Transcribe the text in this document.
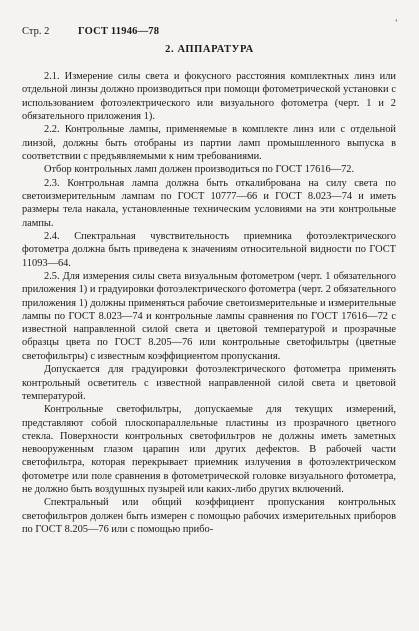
Стр. 2	ГОСТ 11946—78
'
2. АППАРАТУРА

2.1. Измерение силы света и фокусного расстояния комплектных линз или отдельной линзы должно производиться при помощи фотометрической установки с использованием фотоэлектрического или визуального фотометра (черт. 1 и 2 обязательного приложения 1).

2.2. Контрольные лампы, применяемые в комплекте линз или с отдельной линзой, должны быть отобраны из партии ламп промышленного выпуска в соответствии с предъявляемыми к ним требованиями.

Отбор контрольных ламп должен производиться по ГОСТ 17616—72.

2.3. Контрольная лампа должна быть откалибрована на силу света по светоизмерительным лампам по ГОСТ 10777—66 и ГОСТ 8.023—74 и иметь размеры тела накала, установленные техническим условиями на эти контрольные лампы.

2.4. Спектральная чувствительность приемника фотоэлектрического фотометра должна быть приведена к значениям относительной видности по ГОСТ 11093—64.

2.5. Для измерения силы света визуальным фотометром (черт. 1 обязательного приложения 1) и градуировки фотоэлектрического фотометра (черт. 2 обязательного приложения 1) должны применяться рабочие светоизмерительные и измерительные лампы по ГОСТ 8.023—74 и контрольные лампы сравнения по ГОСТ 17616—72 с известной направленной силой света и цветовой температурой и прозрачные образцы цвета по ГОСТ 8.205—76 или контрольные светофильтры (цветные светофильтры) с известным коэффициентом пропускания.

Допускается для градуировки фотоэлектрического фотометра применять контрольный осветитель с известной направленной силой света и цветовой температурой.

Контрольные светофильтры, допускаемые для текущих измерений, представляют собой плоскопараллельные пластины из прозрачного цветного стекла. Поверхности контрольных светофильтров не должны иметь заметных невооруженным глазом царапин или других дефектов. В рабочей части светофильтра, которая перекрывает приемник излучения в фотоэлектрическом фотометре или поле сравнения в фотометрической головке визуального фотометра, не должно быть воздушных пузырей или каких-либо других включений.

Спектральный или общий коэффициент пропускания контрольных светофильтров должен быть измерен с помощью рабочих измерительных приборов по ГОСТ 8.205—76 или с помощью прибо-
